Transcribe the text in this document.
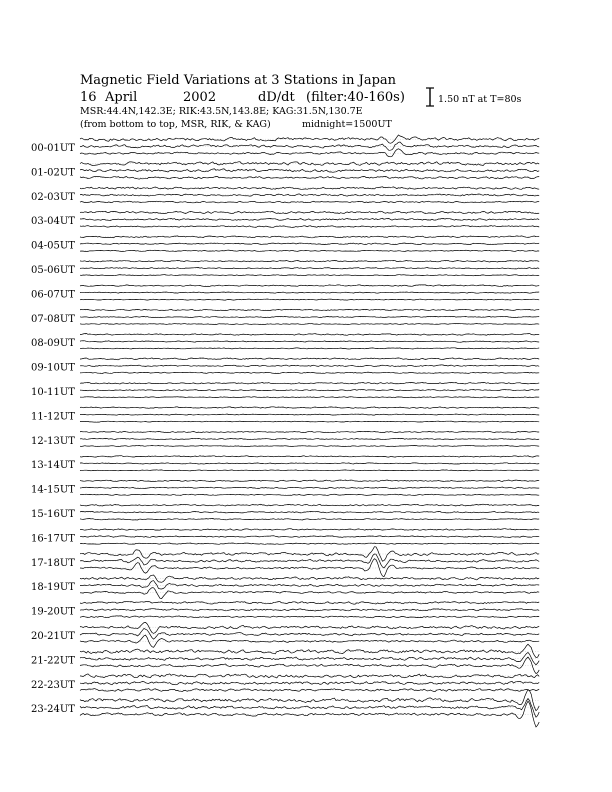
Magnetic Field Variations at 3 Stations in Japan
16 April	2002	dD/dt (filter:40-160s)
MSR:44.4N,142.3E; RIK:43.5N,143.8E; KAG:31.5N,130.7E
(from bottom to top, MSR, RIK, & KAG)	midnight=1500UT
1.50 nT at T=80s
00-01UT
01-02UT
02-03UT
03-04UT
04-05UT
05-06UT
06-07UT
07-08UT
08-09UT
09-10UT
10-11UT
11-12UT
12-13UT
13-14UT
14-15UT
15-16UT
16-17UT
17-18UT
18-19UT
19-20UT
20-21UT
21-22UT
22-23UT
23-24UT
